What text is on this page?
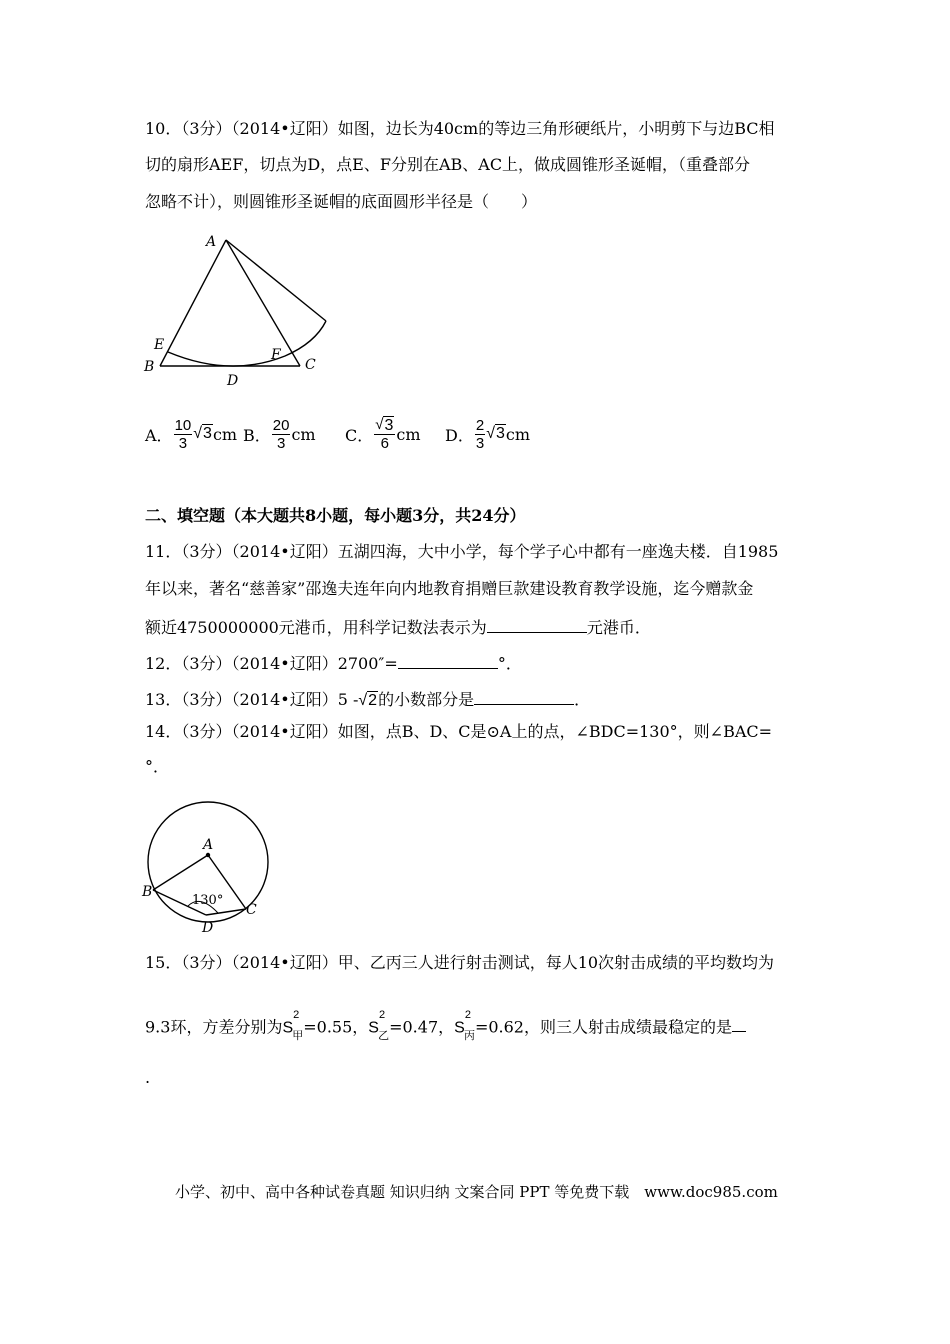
10．（3分）（2014•辽阳）如图，边长为40cm的等边三角形硬纸片，小明剪下与边BC相
切的扇形AEF，切点为D，点E、F分别在AB、AC上，做成圆锥形圣诞帽，（重叠部分
忽略不计），则圆锥形圣诞帽的底面圆形半径是（　　）
A
E
B
F
C
D
A． $\frac{10}{3} √3$ cm B． $\frac{20}{3}$ cm C． $\frac{√3}{6}$ cm D． $\frac{2}{3} √3$ cm
二、填空题（本大题共8小题，每小题3分，共24分）
11．（3分）（2014•辽阳）五湖四海，大中小学，每个学子心中都有一座逸夫楼．自1985
年以来，著名“慈善家”邵逸夫连年向内地教育捐赠巨款建设教育教学设施，迄今赠款金
额近4750000000元港币，用科学记数法表示为	元港币．
12．（3分）（2014•辽阳）2700″=	°．
13．（3分）（2014•辽阳）5 -√2的小数部分是	．
14．（3分）（2014•辽阳）如图，点B、D、C是⊙A上的点，∠BDC=130°，则∠BAC=
°．
A
B
C
D
130°
15．（3分）（2014•辽阳）甲、乙丙三人进行射击测试，每人10次射击成绩的平均数均为
9.3环，方差分别为$S^2_甲=0.55$，$S^2_乙=0.47$，$S^2_丙=0.62$，则三人射击成绩最稳定的是
.
小学、初中、高中各种试卷真题 知识归纳 文案合同 PPT 等免费下载　www.doc985.com
